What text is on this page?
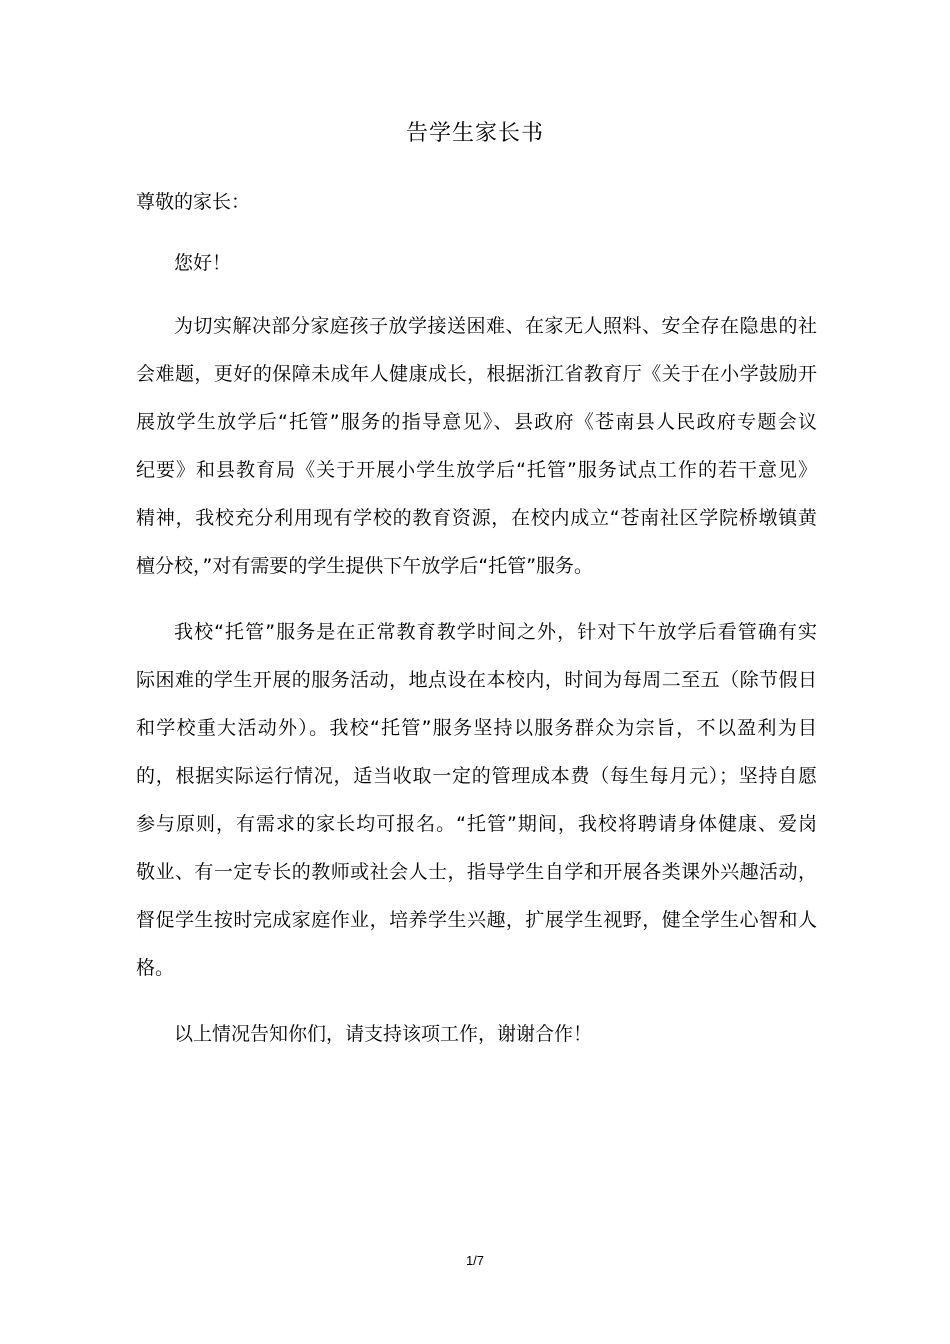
告学生家长书
尊敬的家长：
您好！
为切实解决部分家庭孩子放学接送困难、在家无人照料、安全存在隐患的社
会难题，更好的保障未成年人健康成长，根据浙江省教育厅《关于在小学鼓励开
展放学生放学后“托管”服务的指导意见》、县政府《苍南县人民政府专题会议
纪要》和县教育局《关于开展小学生放学后“托管”服务试点工作的若干意见》
精神，我校充分利用现有学校的教育资源，在校内成立“苍南社区学院桥墩镇黄
檀分校，”对有需要的学生提供下午放学后“托管”服务。
我校“托管”服务是在正常教育教学时间之外，针对下午放学后看管确有实
际困难的学生开展的服务活动，地点设在本校内，时间为每周二至五（除节假日
和学校重大活动外）。我校“托管”服务坚持以服务群众为宗旨，不以盈利为目
的，根据实际运行情况，适当收取一定的管理成本费（每生每月元）；坚持自愿
参与原则，有需求的家长均可报名。“托管”期间，我校将聘请身体健康、爱岗
敬业、有一定专长的教师或社会人士，指导学生自学和开展各类课外兴趣活动，
督促学生按时完成家庭作业，培养学生兴趣，扩展学生视野，健全学生心智和人
格。
以上情况告知你们，请支持该项工作，谢谢合作！
1/7
